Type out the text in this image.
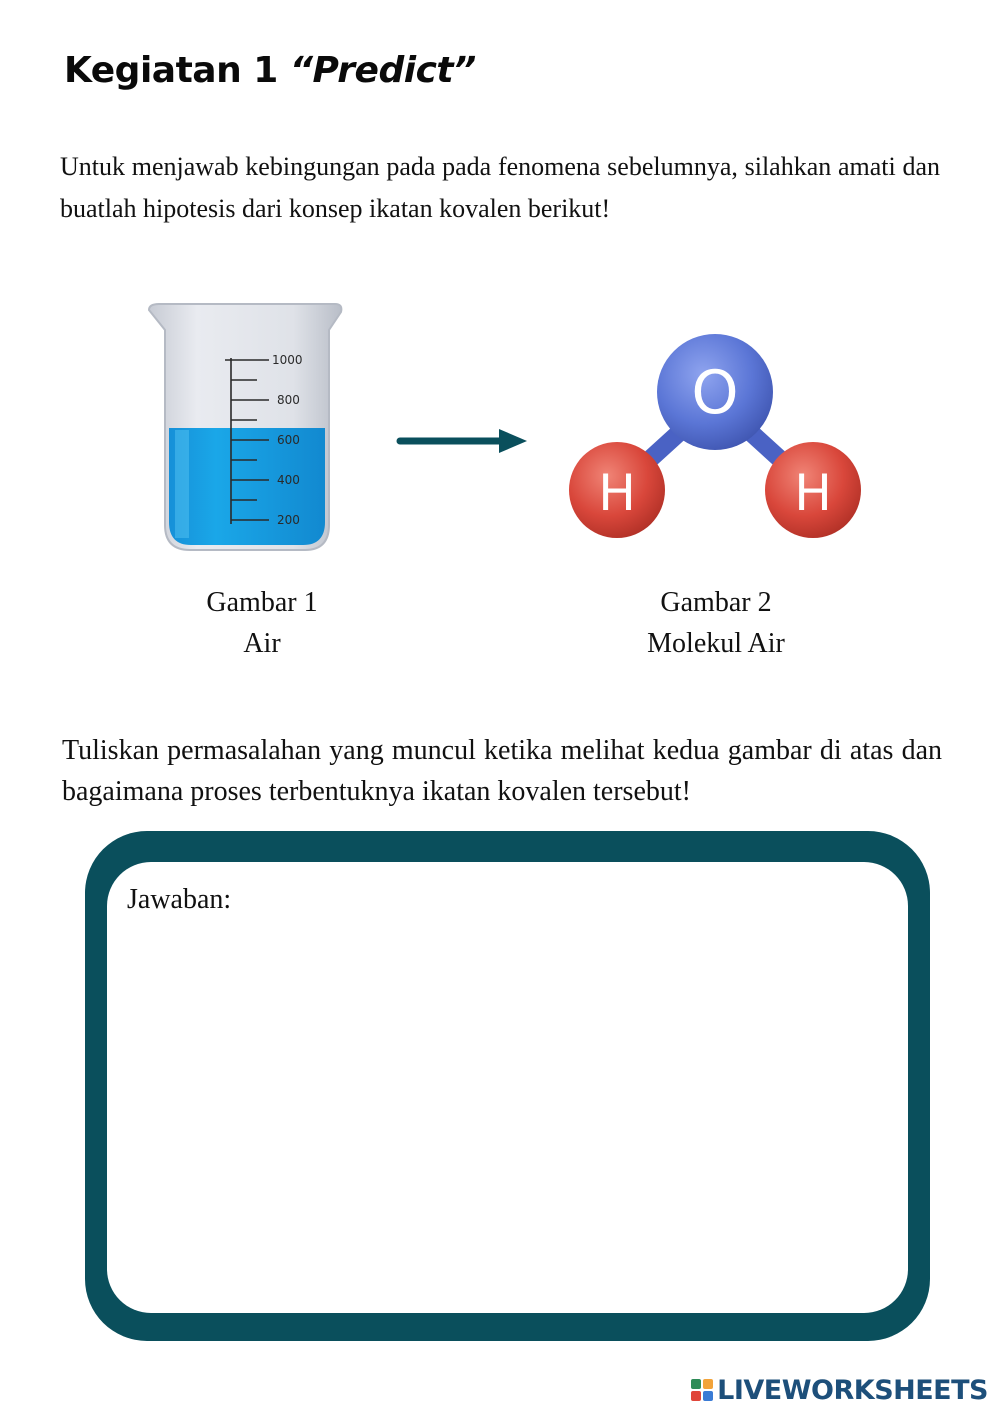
Kegiatan 1 “Predict”

Untuk menjawab kebingungan pada pada fenomena sebelumnya, silahkan amati dan buatlah hipotesis dari konsep ikatan kovalen berikut!

1000
800
600
400
200
O
H	H
Gambar 1
Air
Gambar 2
Molekul Air

Tuliskan permasalahan yang muncul ketika melihat kedua gambar di atas dan bagaimana proses terbentuknya ikatan kovalen tersebut!

Jawaban:
LIVEWORKSHEETS
